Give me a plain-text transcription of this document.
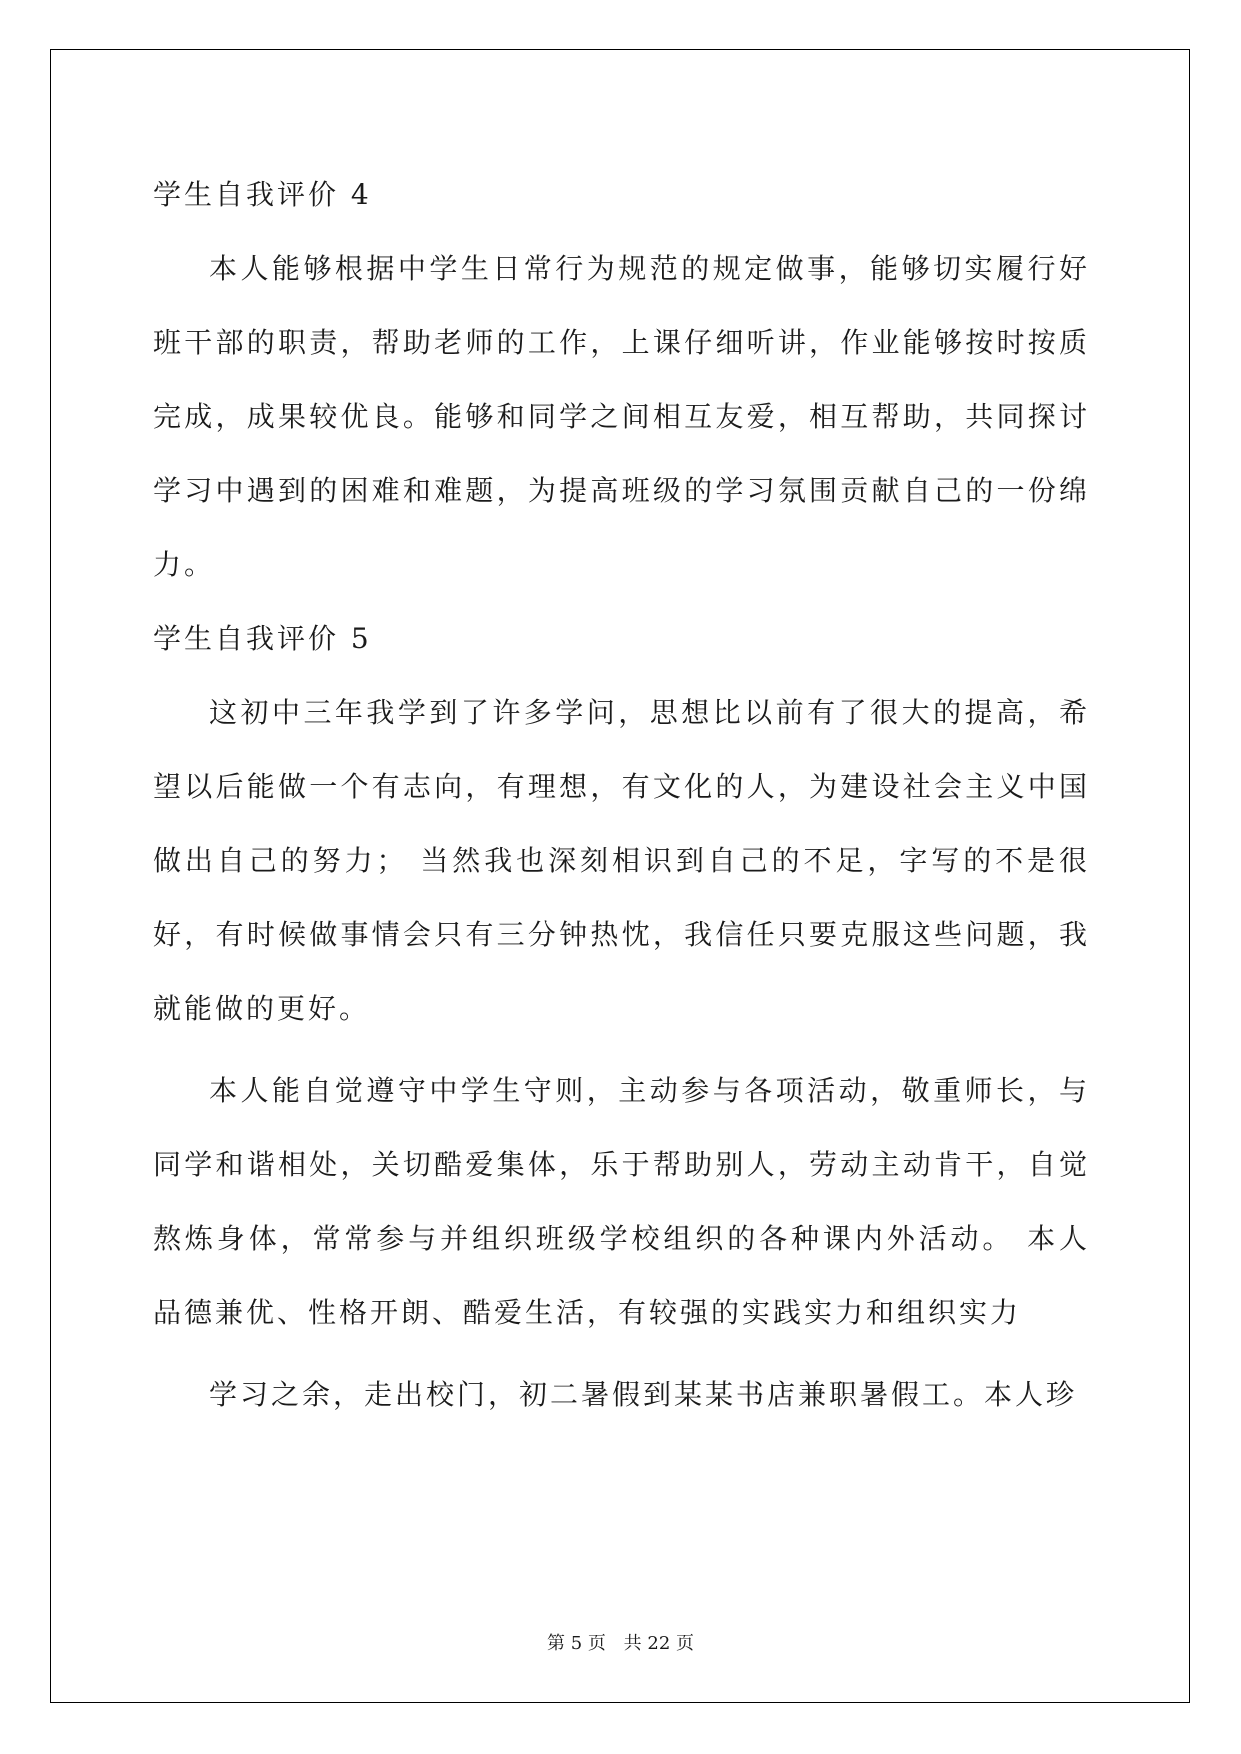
学生自我评价 4

本人能够根据中学生日常行为规范的规定做事，能够切实履行好班干部的职责，帮助老师的工作，上课仔细听讲，作业能够按时按质完成，成果较优良。能够和同学之间相互友爱，相互帮助，共同探讨学习中遇到的困难和难题，为提高班级的学习氛围贡献自己的一份绵力。

学生自我评价 5

这初中三年我学到了许多学问，思想比以前有了很大的提高，希望以后能做一个有志向，有理想，有文化的人，为建设社会主义中国做出自己的努力； 当然我也深刻相识到自己的不足，字写的不是很好，有时候做事情会只有三分钟热忱，我信任只要克服这些问题，我就能做的更好。

本人能自觉遵守中学生守则，主动参与各项活动，敬重师长，与同学和谐相处，关切酷爱集体，乐于帮助别人，劳动主动肯干，自觉熬炼身体，常常参与并组织班级学校组织的各种课内外活动。 本人品德兼优、性格开朗、酷爱生活，有较强的实践实力和组织实力

学习之余，走出校门，初二暑假到某某书店兼职暑假工。本人珍

第 5 页 共 22 页
